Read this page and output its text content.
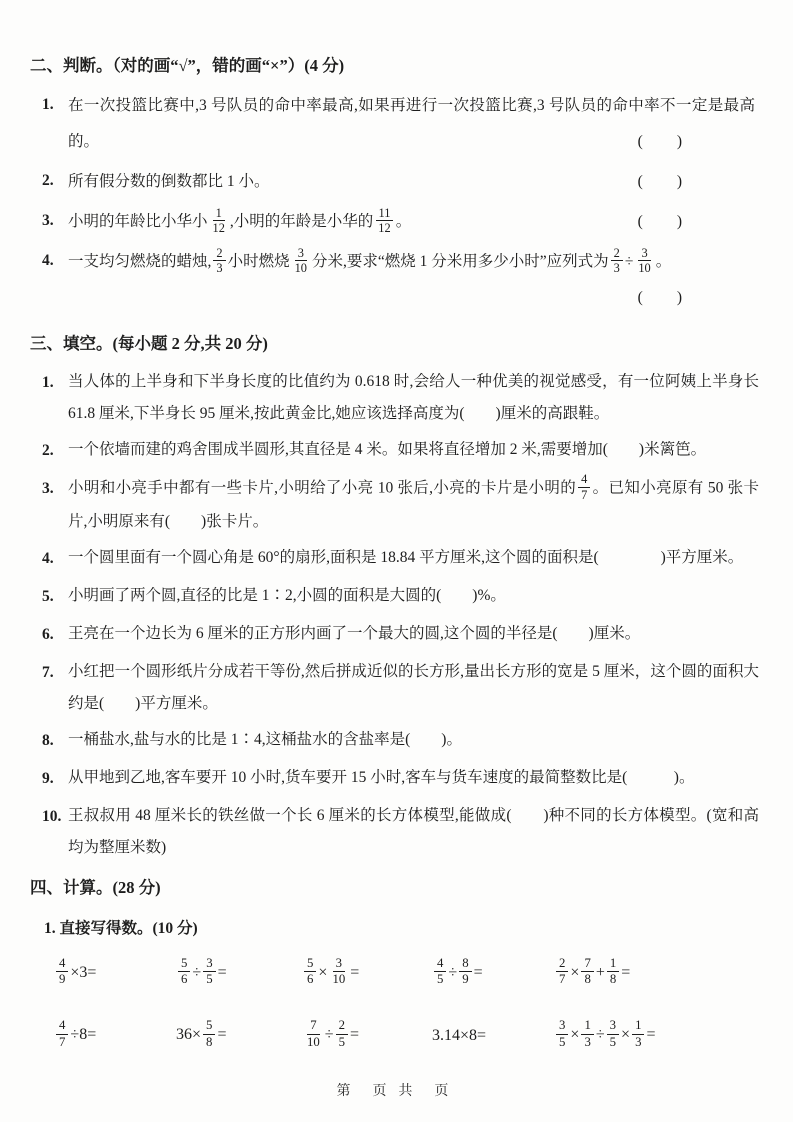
二、判断。（对的画“√”，错的画“×”）(4 分)
1. 在一次投篮比赛中,3 号队员的命中率最高,如果再进行一次投篮比赛,3 号队员的命中率不一定是最高的。	(　　)
2. 所有假分数的倒数都比 1 小。	(　　)
3. 小明的年龄比小华小 $\frac{1}{12}$ ,小明的年龄是小华的 $\frac{11}{12}$ 。	(　　)
4. 一支均匀燃烧的蜡烛, $\frac{2}{3}$ 小时燃烧 $\frac{3}{10}$ 分米,要求“燃烧 1 分米用多少小时”应列式为 $\frac{2}{3} \div \frac{3}{10}$ 。
(　　)
三、填空。(每小题 2 分,共 20 分)
1. 当人体的上半身和下半身长度的比值约为 0.618 时,会给人一种优美的视觉感受，有一位阿姨上半身长 61.8 厘米,下半身长 95 厘米,按此黄金比,她应该选择高度为(　　)厘米的高跟鞋。
2. 一个依墙而建的鸡舍围成半圆形,其直径是 4 米。如果将直径增加 2 米,需要增加(　　)米篱笆。
3. 小明和小亮手中都有一些卡片,小明给了小亮 10 张后,小亮的卡片是小明的 $\frac{4}{7}$ 。已知小亮原有 50 张卡片,小明原来有(　　)张卡片。
4. 一个圆里面有一个圆心角是 60°的扇形,面积是 18.84 平方厘米,这个圆的面积是(　　　　)平方厘米。
5. 小明画了两个圆,直径的比是 1∶2,小圆的面积是大圆的(　　)%。
6. 王亮在一个边长为 6 厘米的正方形内画了一个最大的圆,这个圆的半径是(　　)厘米。
7. 小红把一个圆形纸片分成若干等份,然后拼成近似的长方形,量出长方形的宽是 5 厘米，这个圆的面积大约是(　　)平方厘米。
8. 一桶盐水,盐与水的比是 1∶4,这桶盐水的含盐率是(　　)。
9. 从甲地到乙地,客车要开 10 小时,货车要开 15 小时,客车与货车速度的最简整数比是(　　　)。
10. 王叔叔用 48 厘米长的铁丝做一个长 6 厘米的长方体模型,能做成(　　)种不同的长方体模型。(宽和高均为整厘米数)
四、计算。(28 分)
1. 直接写得数。(10 分)
$\frac{4}{9} \times 3=$	$\frac{5}{6} \div \frac{3}{5}$ =	$\frac{5}{6} \times \frac{3}{10}$ =	$\frac{4}{5} \div \frac{8}{9}$ =	$\frac{2}{7} \times \frac{7}{8} + \frac{1}{8}$ =
$\frac{4}{7} \div 8=$	$36\times \frac{5}{8}$ =	$\frac{7}{10} \div \frac{2}{5}$ =	3.14×8=	$\frac{3}{5} \times \frac{1}{3} \div \frac{3}{5} \times \frac{1}{3}$ =
第　页 共　页
